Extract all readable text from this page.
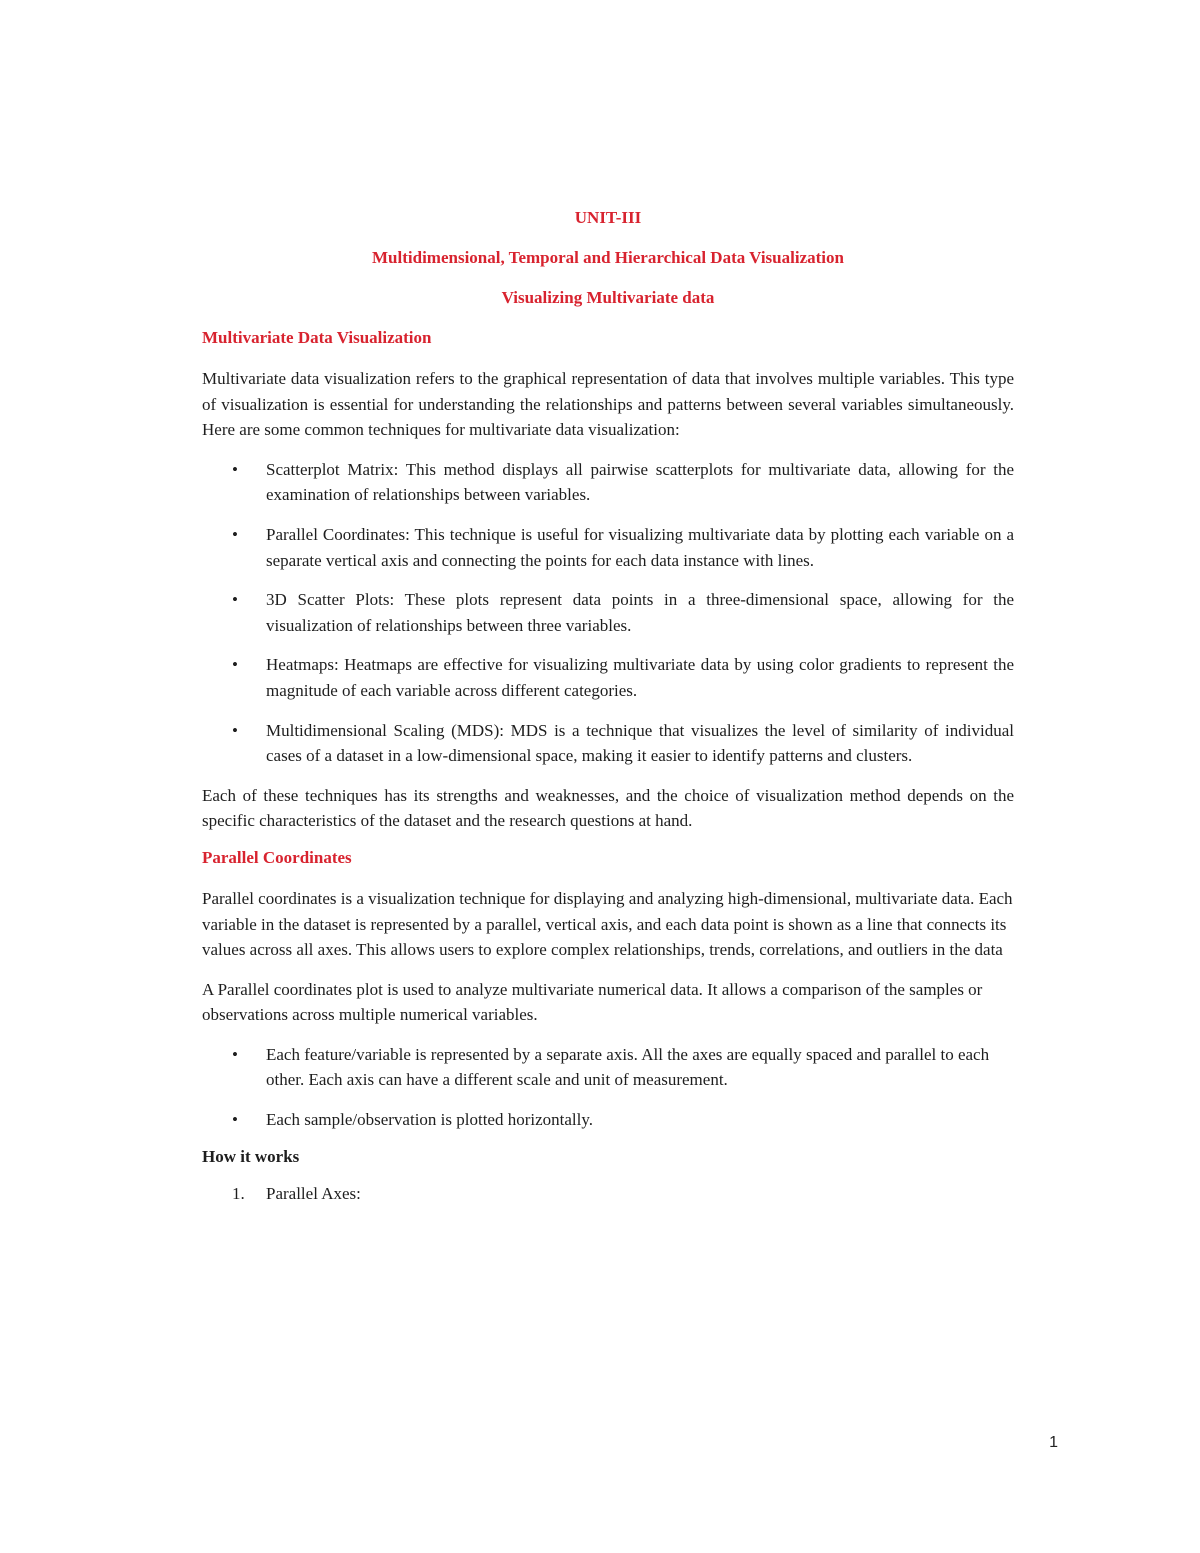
UNIT-III
Multidimensional, Temporal and Hierarchical Data Visualization
Visualizing Multivariate data
Multivariate Data Visualization

Multivariate data visualization refers to the graphical representation of data that involves multiple variables. This type of visualization is essential for understanding the relationships and patterns between several variables simultaneously. Here are some common techniques for multivariate data visualization:

• Scatterplot Matrix: This method displays all pairwise scatterplots for multivariate data, allowing for the examination of relationships between variables.
• Parallel Coordinates: This technique is useful for visualizing multivariate data by plotting each variable on a separate vertical axis and connecting the points for each data instance with lines.
• 3D Scatter Plots: These plots represent data points in a three-dimensional space, allowing for the visualization of relationships between three variables.
• Heatmaps: Heatmaps are effective for visualizing multivariate data by using color gradients to represent the magnitude of each variable across different categories.
• Multidimensional Scaling (MDS): MDS is a technique that visualizes the level of similarity of individual cases of a dataset in a low-dimensional space, making it easier to identify patterns and clusters.

Each of these techniques has its strengths and weaknesses, and the choice of visualization method depends on the specific characteristics of the dataset and the research questions at hand.

Parallel Coordinates

Parallel coordinates is a visualization technique for displaying and analyzing high-dimensional, multivariate data. Each variable in the dataset is represented by a parallel, vertical axis, and each data point is shown as a line that connects its values across all axes. This allows users to explore complex relationships, trends, correlations, and outliers in the data

A Parallel coordinates plot is used to analyze multivariate numerical data. It allows a comparison of the samples or observations across multiple numerical variables.

• Each feature/variable is represented by a separate axis. All the axes are equally spaced and parallel to each other. Each axis can have a different scale and unit of measurement.
• Each sample/observation is plotted horizontally.
How it works
1. Parallel Axes:
1
